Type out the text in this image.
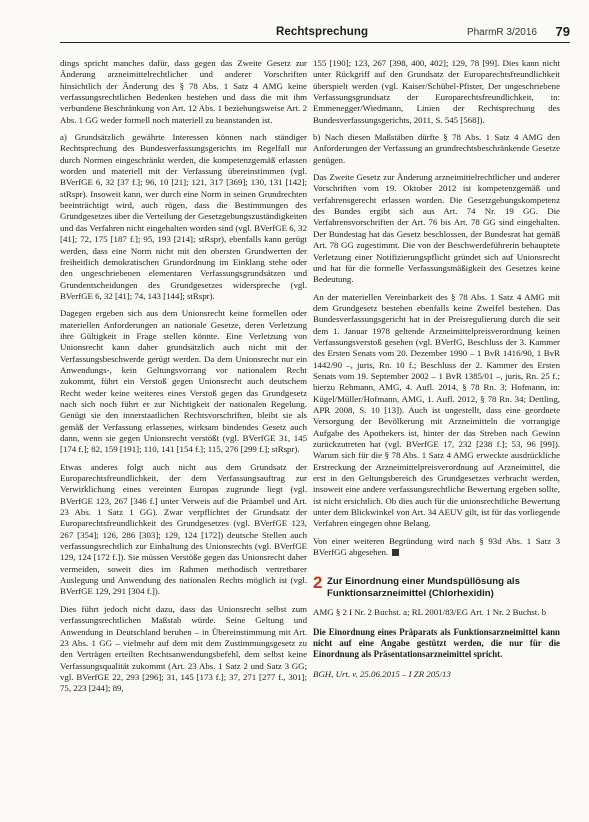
Rechtsprechung	PharmR 3/2016 79

dings spricht manches dafür, dass gegen das Zweite Gesetz zur Änderung arzneimittelrechtlicher und anderer Vorschriften hinsichtlich der Änderung des § 78 Abs. 1 Satz 4 AMG keine verfassungsrechtlichen Bedenken bestehen und dass die mit ihm verbundene Beschränkung von Art. 12 Abs. 1 beziehungsweise Art. 2 Abs. 1 GG weder formell noch materiell zu beanstanden ist.

a) Grundsätzlich gewährte Interessen können nach ständiger Rechtsprechung des Bundesverfassungsgerichts im Regelfall nur durch Normen eingeschränkt werden, die kompetenzgemäß erlassen worden und materiell mit der Verfassung übereinstimmen (vgl. BVerfGE 6, 32 [37 f.]; 96, 10 [21]; 121, 317 [369]; 130, 131 [142]; stRspr). Insoweit kann, wer durch eine Norm in seinen Grundrechten beeinträchtigt wird, auch rügen, dass die Bestimmungen des Grundgesetzes über die Verteilung der Gesetzgebungszuständigkeiten und das Verfahren nicht eingehalten worden sind (vgl. BVerfGE 6, 32 [41]; 72, 175 [187 f.]; 95, 193 [214]; stRspr), ebenfalls kann gerügt werden, dass eine Norm nicht mit den obersten Grundwerten der freiheitlich demokratischen Grundordnung im Einklang stehe oder den ungeschriebenen elementaren Verfassungsgrundsätzen und Grundentscheidungen des Grundgesetzes widerspreche (vgl. BVerfGE 6, 32 [41]; 74, 143 [144]; stRspr).

Dagegen ergeben sich aus dem Unionsrecht keine formellen oder materiellen Anforderungen an nationale Gesetze, deren Verletzung ihre Gültigkeit in Frage stellen könnte. Eine Verletzung von Unionsrecht kann daher grundsätzlich auch nicht mit der Verfassungsbeschwerde gerügt werden. Da dem Unionsrecht nur ein Anwendungs-, kein Geltungsvorrang vor nationalem Recht zukommt, führt ein Verstoß gegen Unionsrecht auch deutschem Recht weder keine weiteres eines Verstoß gegen das Grundgesetz nach sich noch führt er zur Nichtigkeit der nationalen Regelung. Genügt sie den innerstaatlichen Rechtsvorschriften, bleibt sie als gemäß der Verfassung erlassenes, wirksam bindendes Gesetz auch dann, wenn sie gegen Unionsrecht verstößt (vgl. BVerfGE 31, 145 [174 f.]; 82, 159 [191]; 110, 141 [154 f.]; 115, 276 [299 f.]; stRspr).

Etwas anderes folgt auch nicht aus dem Grundsatz der Europarechtsfreundlichkeit, der dem Verfassungsauftrag zur Verwirklichung eines vereinten Europas zugrunde liegt (vgl. BVerfGE 123, 267 [346 f.] unter Verweis auf die Präambel und Art. 23 Abs. 1 Satz 1 GG). Zwar verpflichtet der Grundsatz der Europarechtsfreundlichkeit des Grundgesetzes (vgl. BVerfGE 123, 267 [354]; 126, 286 [303]; 129, 124 [172]) deutsche Stellen auch verfassungsrechtlich zur Einhaltung des Unionsrechts (vgl. BVerfGE 129, 124 [172 f.]). Sie müssen Verstöße gegen das Unionsrecht daher vermeiden, soweit dies im Rahmen methodisch vertretbarer Auslegung und Anwendung des nationalen Rechts möglich ist (vgl. BVerfGE 129, 291 [304 f.]).

Dies führt jedoch nicht dazu, dass das Unionsrecht selbst zum verfassungsrechtlichen Maßstab würde. Seine Geltung und Anwendung in Deutschland beruhen – in Übereinstimmung mit Art. 23 Abs. 1 GG – vielmehr auf dem mit dem Zustimmungsgesetz zu den Verträgen erteilten Rechtsanwendungsbefehl, dem selbst keine Verfassungsqualität zukommt (Art. 23 Abs. 1 Satz 2 und Satz 3 GG; vgl. BVerfGE 22, 293 [296]; 31, 145 [173 f.]; 37, 271 [277 f., 301]; 75, 223 [244]; 89,

155 [190]; 123, 267 [398, 400, 402]; 129, 78 [99]. Dies kann nicht unter Rückgriff auf den Grundsatz der Europarechtsfreundlichkeit überspielt werden (vgl. Kaiser/Schübel-Pfister, Der ungeschriebene Verfassungsgrundsatz der Europarechtsfreundlichkeit, in: Emmenegger/Wiedmann, Linien der Rechtsprechung des Bundesverfassungsgerichts, 2011, S. 545 [568]).

b) Nach diesen Maßstäben dürfte § 78 Abs. 1 Satz 4 AMG den Anforderungen der Verfassung an grundrechtsbeschränkende Gesetze genügen.

Das Zweite Gesetz zur Änderung arzneimittelrechtlicher und anderer Vorschriften vom 19. Oktober 2012 ist kompetenzgemäß und verfahrensgerecht erlassen worden. Die Gesetzgebungskompetenz des Bundes ergibt sich aus Art. 74 Nr. 19 GG. Die Verfahrensvorschriften der Art. 76 bis Art. 78 GG sind eingehalten. Der Bundestag hat das Gesetz beschlossen, der Bundesrat hat gemäß Art. 78 GG zugestimmt. Die von der Beschwerdeführerin behauptete Verletzung einer Notifizierungspflicht gründet sich auf Unionsrecht und hat für die formelle Verfassungsmäßigkeit des Gesetzes keine Bedeutung.

An der materiellen Vereinbarkeit des § 78 Abs. 1 Satz 4 AMG mit dem Grundgesetz bestehen ebenfalls keine Zweifel bestehen. Das Bundesverfassungsgericht hat in der Preisregulierung durch die seit dem 1. Januar 1978 geltende Arzneimittelpreisverordnung keinen Verfassungsverstoß gesehen (vgl. BVerfG, Beschluss der 3. Kammer des Ersten Senats vom 20. Dezember 1990 – 1 BvR 1416/90, 1 BvR 1442/90 –, juris, Rn. 10 f.; Beschluss der 2. Kammer des Ersten Senats vom 19. September 2002 – 1 BvR 1385/01 –, juris, Rn. 25 f.; hierzu Rehmann, AMG, 4. Aufl. 2014, § 78 Rn. 3; Hofmann, in: Kügel/Müller/Hofmann, AMG, 1. Aufl. 2012, § 78 Rn. 34; Dettling, APR 2008, S. 10 [13]). Auch ist ungestellt, dass eine geordnete Versorgung der Bevölkerung mit Arzneimitteln die vorrangige Aufgabe des Apothekers ist, hinter der das Streben nach Gewinn zurückzutreten hat (vgl. BVerfGE 17, 232 [238 f.]; 53, 96 [99]). Warum sich für die § 78 Abs. 1 Satz 4 AMG erweckte ausdrückliche Erstreckung der Arzneimittelpreisverordnung auf Arzneimittel, die erst in den Geltungsbereich des Grundgesetzes verbracht werden, insoweit eine andere verfassungsrechtliche Bewertung ergeben sollte, ist nicht ersichtlich. Ob dies auch für die unionsrechtliche Bewertung unter dem Blickwinkel von Art. 34 AEUV gilt, ist für das vorliegende Verfahren eingegen ohne Belang.

Von einer weiteren Begründung wird nach § 93d Abs. 1 Satz 3 BVerfGG abgesehen.

2 Zur Einordnung einer Mundspüllösung als Funktionsarzneimittel (Chlorhexidin)

AMG § 2 I Nr. 2 Buchst. a; RL 2001/83/EG Art. 1 Nr. 2 Buchst. b

Die Einordnung eines Präparats als Funktionsarzneimittel kann nicht auf eine Angabe gestützt werden, die nur für die Einordnung als Präsentationsarzneimittel spricht.

BGH, Urt. v. 25.06.2015 – I ZR 205/13
